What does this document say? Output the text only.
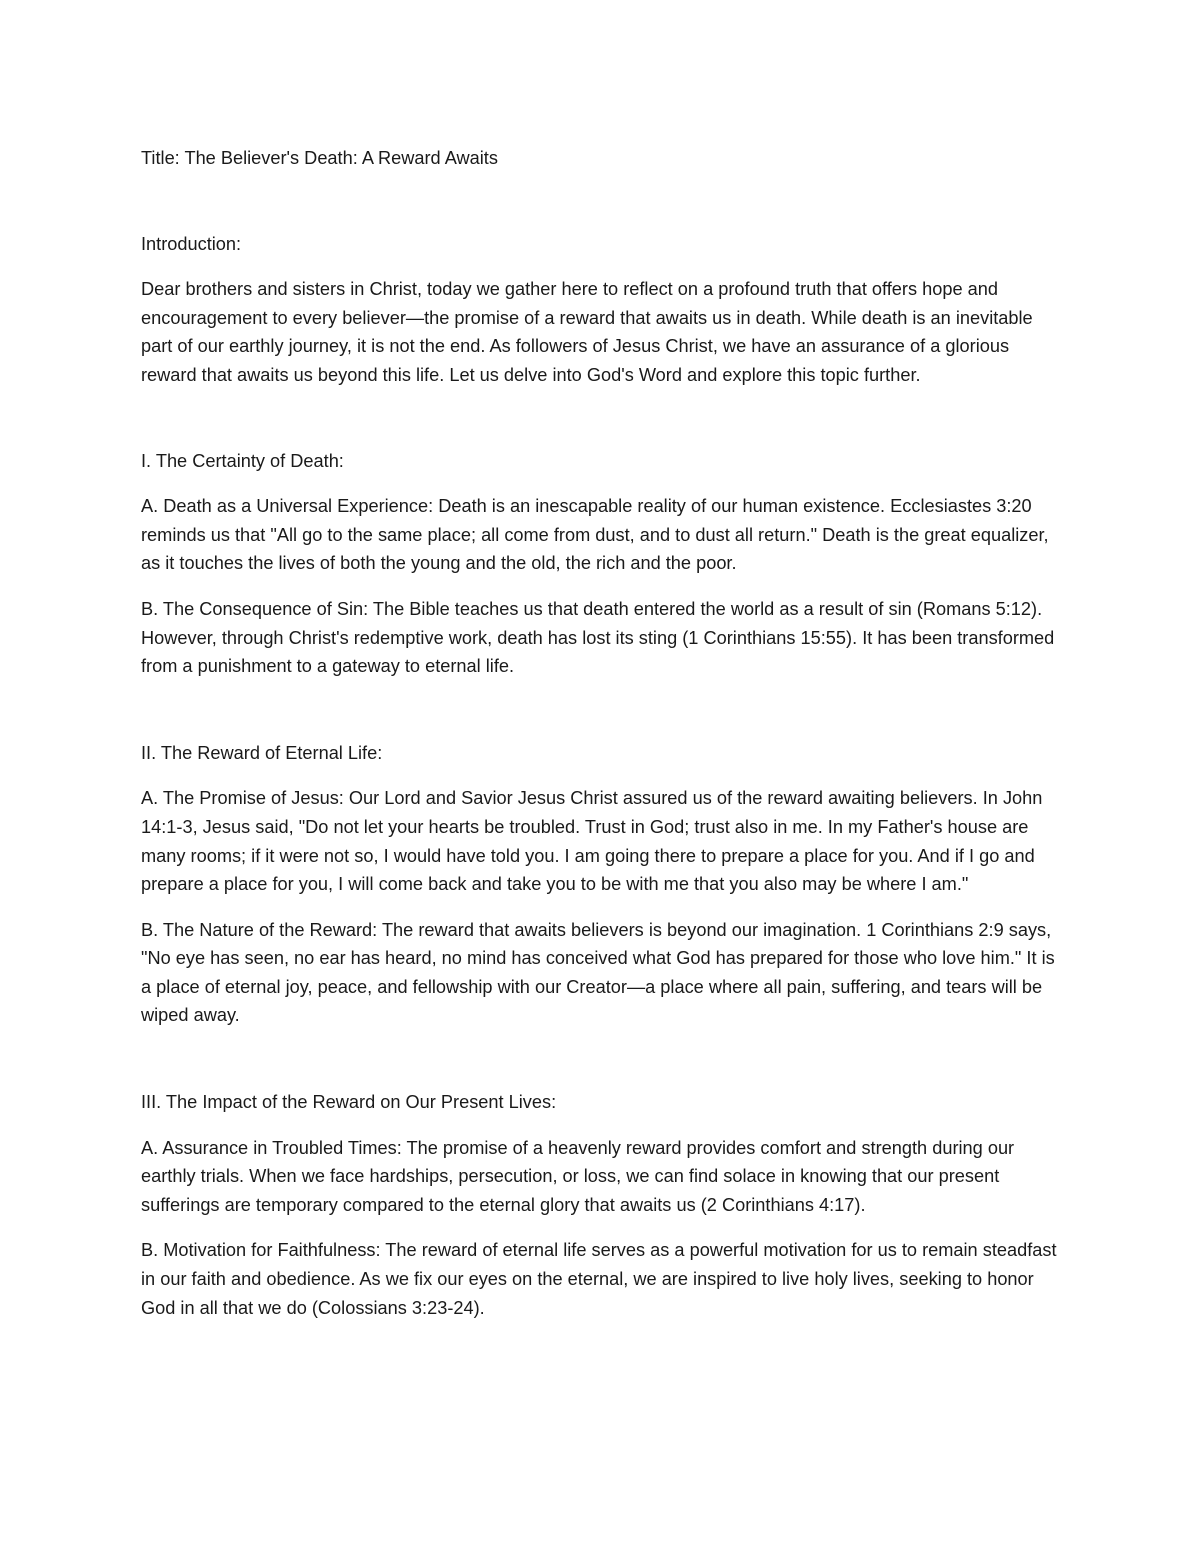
Title: The Believer's Death: A Reward Awaits

Introduction:

Dear brothers and sisters in Christ, today we gather here to reflect on a profound truth that offers hope and encouragement to every believer—the promise of a reward that awaits us in death. While death is an inevitable part of our earthly journey, it is not the end. As followers of Jesus Christ, we have an assurance of a glorious reward that awaits us beyond this life. Let us delve into God's Word and explore this topic further.

I. The Certainty of Death:

A. Death as a Universal Experience: Death is an inescapable reality of our human existence. Ecclesiastes 3:20 reminds us that "All go to the same place; all come from dust, and to dust all return." Death is the great equalizer, as it touches the lives of both the young and the old, the rich and the poor.

B. The Consequence of Sin: The Bible teaches us that death entered the world as a result of sin (Romans 5:12). However, through Christ's redemptive work, death has lost its sting (1 Corinthians 15:55). It has been transformed from a punishment to a gateway to eternal life.

II. The Reward of Eternal Life:

A. The Promise of Jesus: Our Lord and Savior Jesus Christ assured us of the reward awaiting believers. In John 14:1-3, Jesus said, "Do not let your hearts be troubled. Trust in God; trust also in me. In my Father's house are many rooms; if it were not so, I would have told you. I am going there to prepare a place for you. And if I go and prepare a place for you, I will come back and take you to be with me that you also may be where I am."

B. The Nature of the Reward: The reward that awaits believers is beyond our imagination. 1 Corinthians 2:9 says, "No eye has seen, no ear has heard, no mind has conceived what God has prepared for those who love him." It is a place of eternal joy, peace, and fellowship with our Creator—a place where all pain, suffering, and tears will be wiped away.

III. The Impact of the Reward on Our Present Lives:

A. Assurance in Troubled Times: The promise of a heavenly reward provides comfort and strength during our earthly trials. When we face hardships, persecution, or loss, we can find solace in knowing that our present sufferings are temporary compared to the eternal glory that awaits us (2 Corinthians 4:17).

B. Motivation for Faithfulness: The reward of eternal life serves as a powerful motivation for us to remain steadfast in our faith and obedience. As we fix our eyes on the eternal, we are inspired to live holy lives, seeking to honor God in all that we do (Colossians 3:23-24).
